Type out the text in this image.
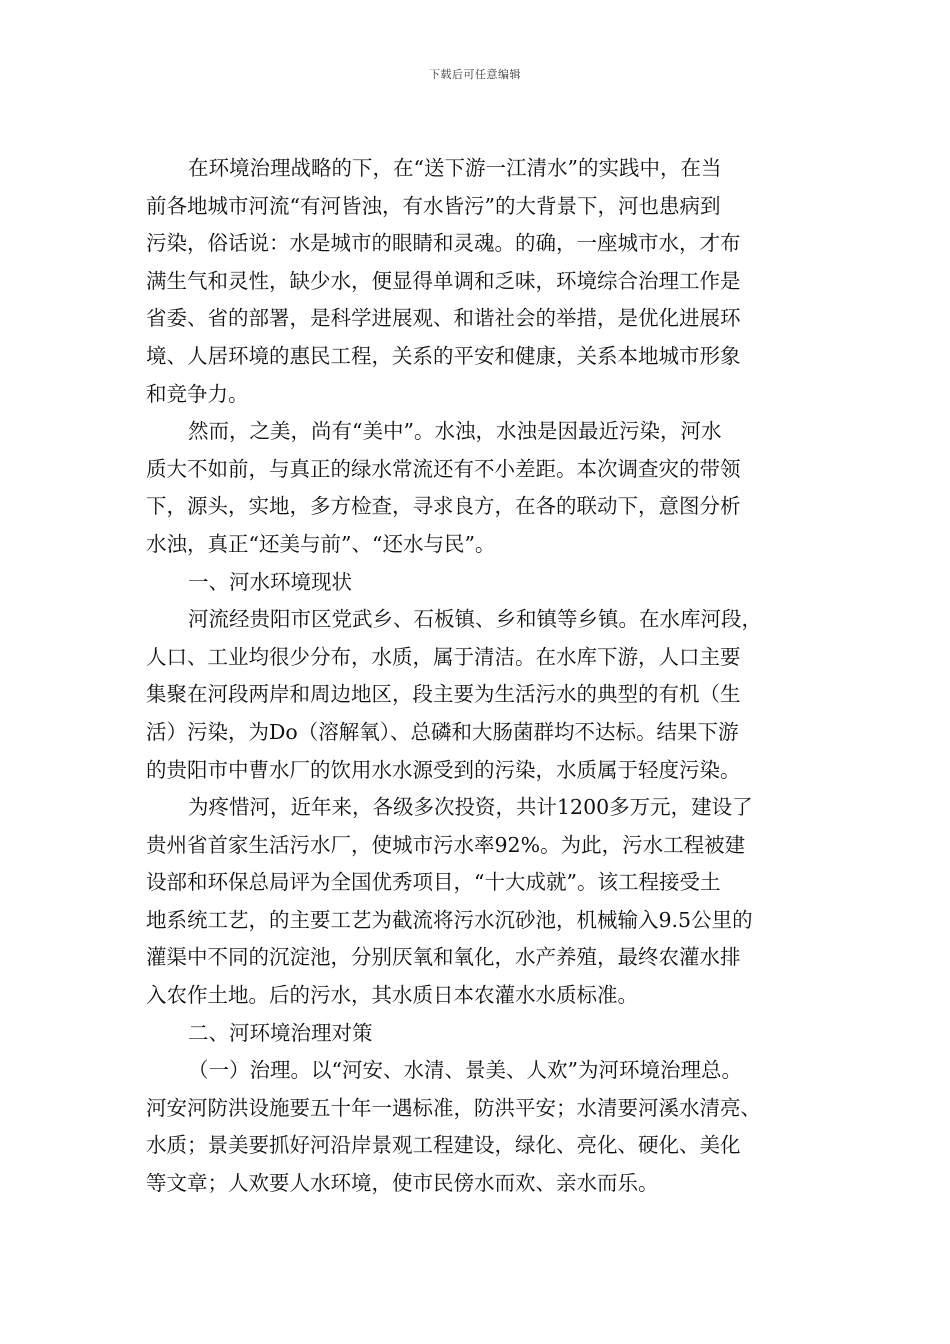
下载后可任意编辑
在环境治理战略的下，在“送下游一江清水”的实践中，在当
前各地城市河流“有河皆浊，有水皆污”的大背景下，河也患病到
污染，俗话说：水是城市的眼睛和灵魂。的确，一座城市水，才布
满生气和灵性，缺少水，便显得单调和乏味，环境综合治理工作是
省委、省的部署，是科学进展观、和谐社会的举措，是优化进展环
境、人居环境的惠民工程，关系的平安和健康，关系本地城市形象
和竞争力。
然而，之美，尚有“美中”。水浊，水浊是因最近污染，河水
质大不如前，与真正的绿水常流还有不小差距。本次调查灾的带领
下，源头，实地，多方检查，寻求良方，在各的联动下，意图分析
水浊，真正“还美与前”、“还水与民”。
一、河水环境现状
河流经贵阳市区党武乡、石板镇、乡和镇等乡镇。在水库河段，
人口、工业均很少分布，水质，属于清洁。在水库下游，人口主要
集聚在河段两岸和周边地区，段主要为生活污水的典型的有机（生
活）污染，为Do（溶解氧）、总磷和大肠菌群均不达标。结果下游
的贵阳市中曹水厂的饮用水水源受到的污染，水质属于轻度污染。
为疼惜河，近年来，各级多次投资，共计1200多万元，建设了
贵州省首家生活污水厂，使城市污水率92%。为此，污水工程被建
设部和环保总局评为全国优秀项目，“十大成就”。该工程接受土
地系统工艺，的主要工艺为截流将污水沉砂池，机械输入9.5公里的
灌渠中不同的沉淀池，分别厌氧和氧化，水产养殖，最终农灌水排
入农作土地。后的污水，其水质日本农灌水水质标准。
二、河环境治理对策
（一）治理。以“河安、水清、景美、人欢”为河环境治理总。
河安河防洪设施要五十年一遇标准，防洪平安；水清要河溪水清亮、
水质；景美要抓好河沿岸景观工程建设，绿化、亮化、硬化、美化
等文章；人欢要人水环境，使市民傍水而欢、亲水而乐。
